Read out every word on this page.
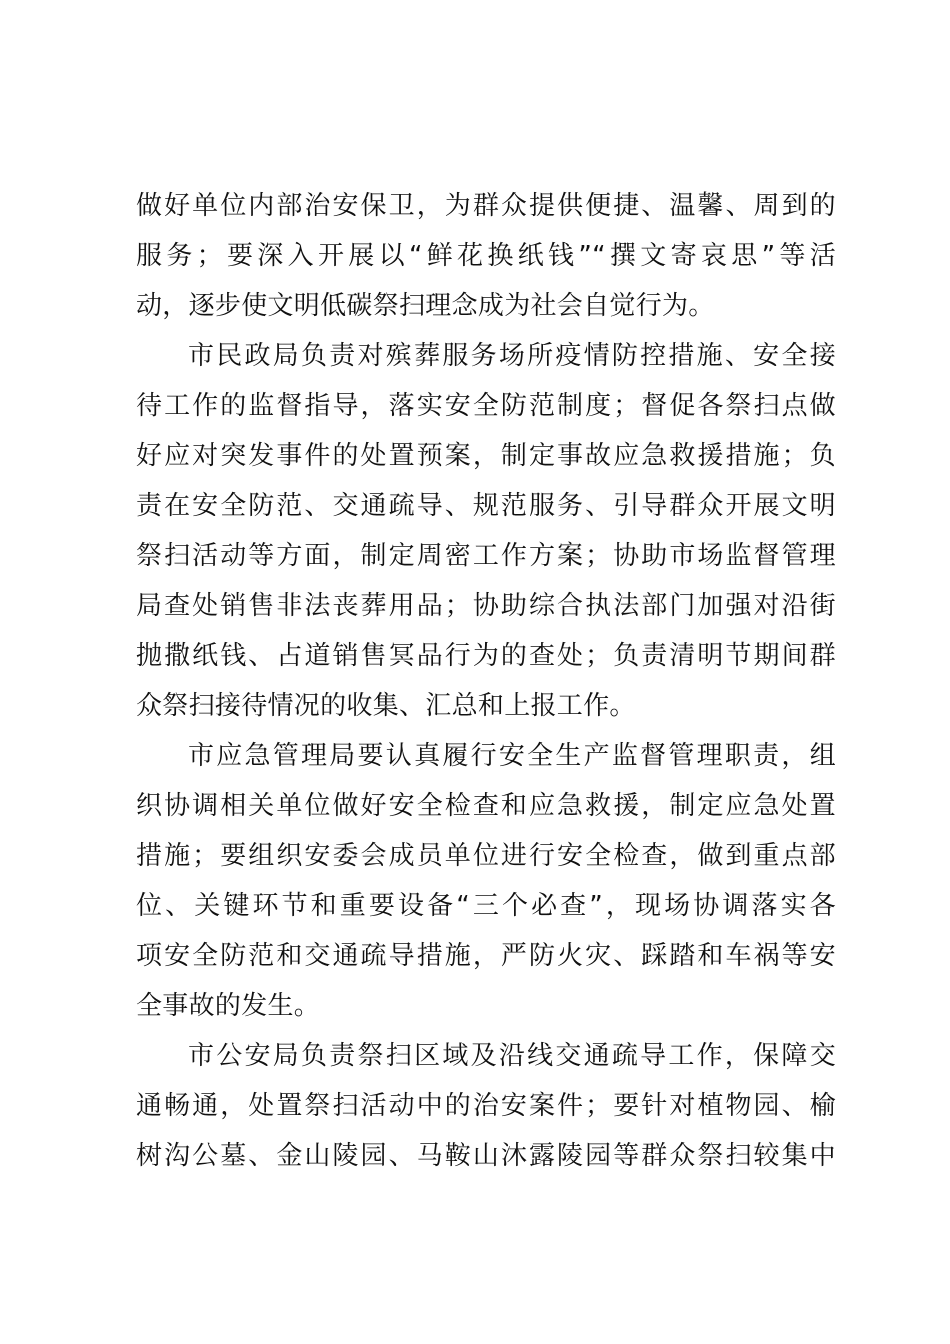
做好单位内部治安保卫，为群众提供便捷、温馨、周到的
服务；要深入开展以“鲜花换纸钱”“撰文寄哀思”等活
动，逐步使文明低碳祭扫理念成为社会自觉行为。
市民政局负责对殡葬服务场所疫情防控措施、安全接
待工作的监督指导，落实安全防范制度；督促各祭扫点做
好应对突发事件的处置预案，制定事故应急救援措施；负
责在安全防范、交通疏导、规范服务、引导群众开展文明
祭扫活动等方面，制定周密工作方案；协助市场监督管理
局查处销售非法丧葬用品；协助综合执法部门加强对沿街
抛撒纸钱、占道销售冥品行为的查处；负责清明节期间群
众祭扫接待情况的收集、汇总和上报工作。
市应急管理局要认真履行安全生产监督管理职责，组
织协调相关单位做好安全检查和应急救援，制定应急处置
措施；要组织安委会成员单位进行安全检查，做到重点部
位、关键环节和重要设备“三个必查”，现场协调落实各
项安全防范和交通疏导措施，严防火灾、踩踏和车祸等安
全事故的发生。
市公安局负责祭扫区域及沿线交通疏导工作，保障交
通畅通，处置祭扫活动中的治安案件；要针对植物园、榆
树沟公墓、金山陵园、马鞍山沐露陵园等群众祭扫较集中
